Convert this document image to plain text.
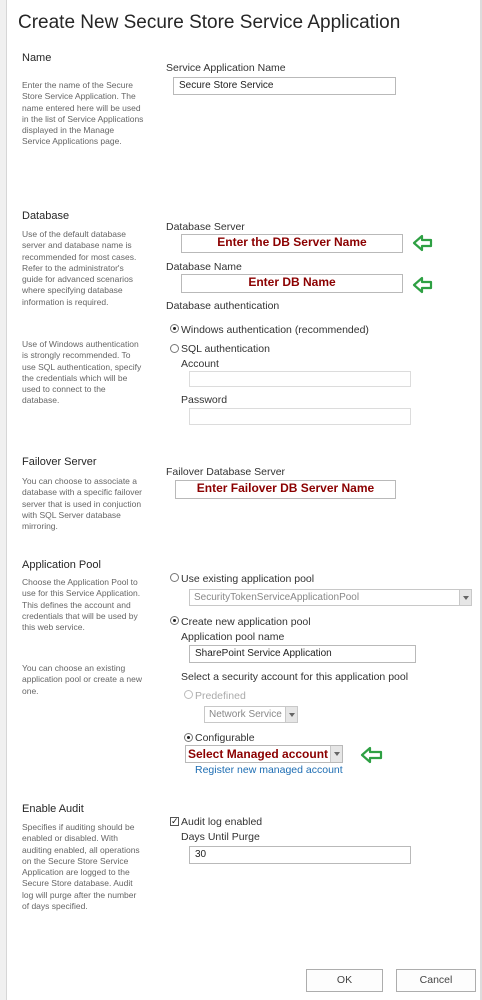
Create New Secure Store Service Application
Name
Enter the name of the Secure Store Service Application. The name entered here will be used in the list of Service Applications displayed in the Manage Service Applications page.
Service Application Name
Secure Store Service
Database
Use of the default database server and database name is recommended for most cases. Refer to the administrator's guide for advanced scenarios where specifying database information is required.
Use of Windows authentication is strongly recommended. To use SQL authentication, specify the credentials which will be used to connect to the database.
Database Server
Enter the DB Server Name
Database Name
Enter DB Name
Database authentication
Windows authentication (recommended)
SQL authentication
Account
Password
Failover Server
You can choose to associate a database with a specific failover server that is used in conjuction with SQL Server database mirroring.
Failover Database Server
Enter Failover DB Server Name
Application Pool
Choose the Application Pool to use for this Service Application. This defines the account and credentials that will be used by this web service.
You can choose an existing application pool or create a new one.
Use existing application pool
SecurityTokenServiceApplicationPool
Create new application pool
Application pool name
SharePoint Service Application
Select a security account for this application pool
Predefined
Network Service
Configurable
Select Managed account
Register new managed account
Enable Audit
Specifies if auditing should be enabled or disabled. With auditing enabled, all operations on the Secure Store Service Application are logged to the Secure Store database. Audit log will purge after the number of days specified.
✓ Audit log enabled
Days Until Purge
30
OK	Cancel
